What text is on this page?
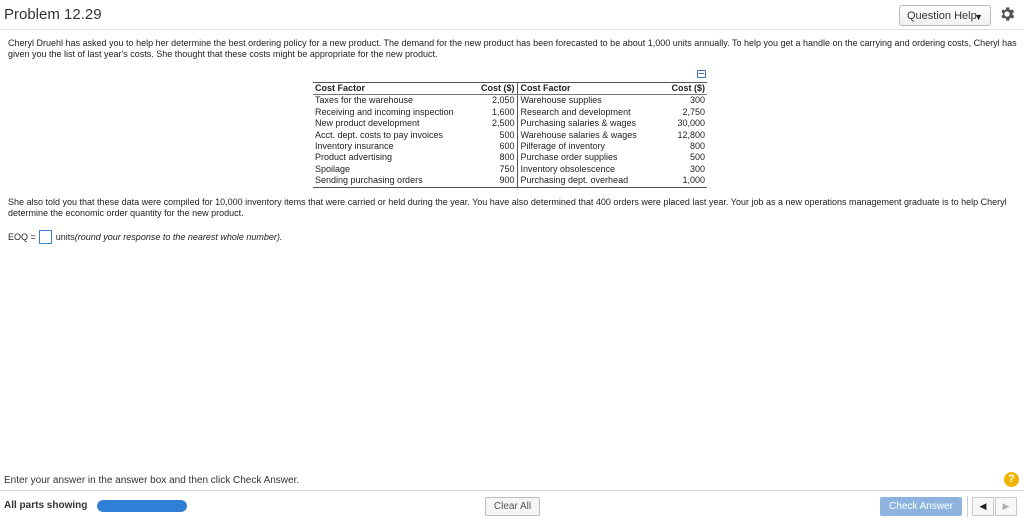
Problem 12.29	Question Help
▼
Cheryl Druehl has asked you to help her determine the best ordering policy for a new product. The demand for the new product has been forecasted to be about 1,000 units annually. To help you get a handle on the carrying and ordering costs, Cheryl has given you the list of last year's costs. She thought that these costs might be appropriate for the new product.
Cost Factor	Cost ($)	Cost Factor	Cost ($)
Taxes for the warehouse	2,050	Warehouse supplies	300
Receiving and incoming inspection	1,600	Research and development	2,750
New product development	2,500	Purchasing salaries & wages	30,000
Acct. dept. costs to pay invoices	500	Warehouse salaries & wages	12,800
Inventory insurance	600	Pilferage of inventory	800
Product advertising	800	Purchase order supplies	500
Spoilage	750	Inventory obsolescence	300
Sending purchasing orders	900	Purchasing dept. overhead	1,000
She also told you that these data were compiled for 10,000 inventory items that were carried or held during the year. You have also determined that 400 orders were placed last year. Your job as a new operations management graduate is to help Cheryl determine the economic order quantity for the new product.
EOQ = units (round your response to the nearest whole number).
Enter your answer in the answer box and then click Check Answer.	?
All parts showing	Clear All	Check Answer	◀	▶
